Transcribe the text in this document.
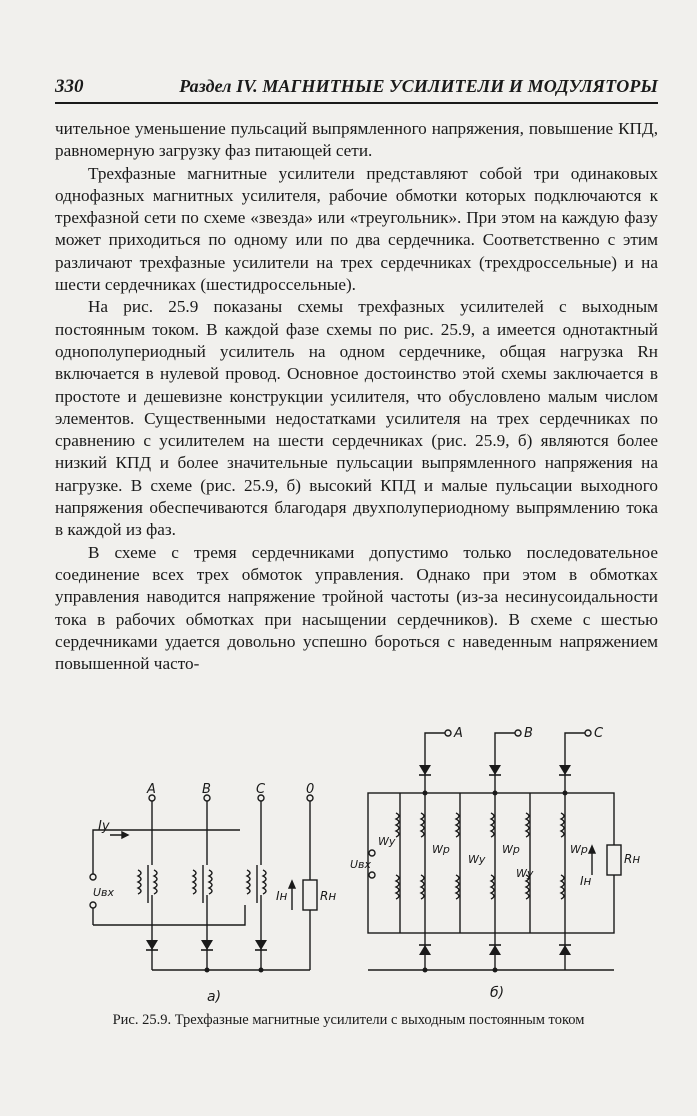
330	Раздел IV. МАГНИТНЫЕ УСИЛИТЕЛИ И МОДУЛЯТОРЫ

чительное уменьшение пульсаций выпрямленного напряжения, повышение КПД, равномерную загрузку фаз питающей сети.

Трехфазные магнитные усилители представляют собой три одинаковых однофазных магнитных усилителя, рабочие обмотки которых подключаются к трехфазной сети по схеме «звезда» или «треугольник». При этом на каждую фазу может приходиться по одному или по два сердечника. Соответственно с этим различают трехфазные усилители на трех сердечниках (трехдроссельные) и на шести сердечниках (шестидроссельные).

На рис. 25.9 показаны схемы трехфазных усилителей с выходным постоянным током. В каждой фазе схемы по рис. 25.9, а имеется однотактный однополупериодный усилитель на одном сердечнике, общая нагрузка Rн включается в нулевой провод. Основное достоинство этой схемы заключается в простоте и дешевизне конструкции усилителя, что обусловлено малым числом элементов. Существенными недостатками усилителя на трех сердечниках по сравнению с усилителем на шести сердечниках (рис. 25.9, б) являются более низкий КПД и более значительные пульсации выпрямленного напряжения на нагрузке. В схеме (рис. 25.9, б) высокий КПД и малые пульсации выходного напряжения обеспечиваются благодаря двухполупериодному выпрямлению тока в каждой из фаз.

В схеме с тремя сердечниками допустимо только последовательное соединение всех трех обмоток управления. Однако при этом в обмотках управления наводится напряжение тройной частоты (из-за несинусоидальности тока в рабочих обмотках при насыщении сердечников). В схеме с шестью сердечниками удается довольно успешно бороться с наведенным напряжением повышенной часто-

A	B	C	0
Iy
Uвх	Iн	Rн
а)
A	B	C
Wy
Wp
Wy
Wp
Wy
Wp
Uвх
Iн
Rн
б)
Рис. 25.9. Трехфазные магнитные усилители с выходным постоянным током
